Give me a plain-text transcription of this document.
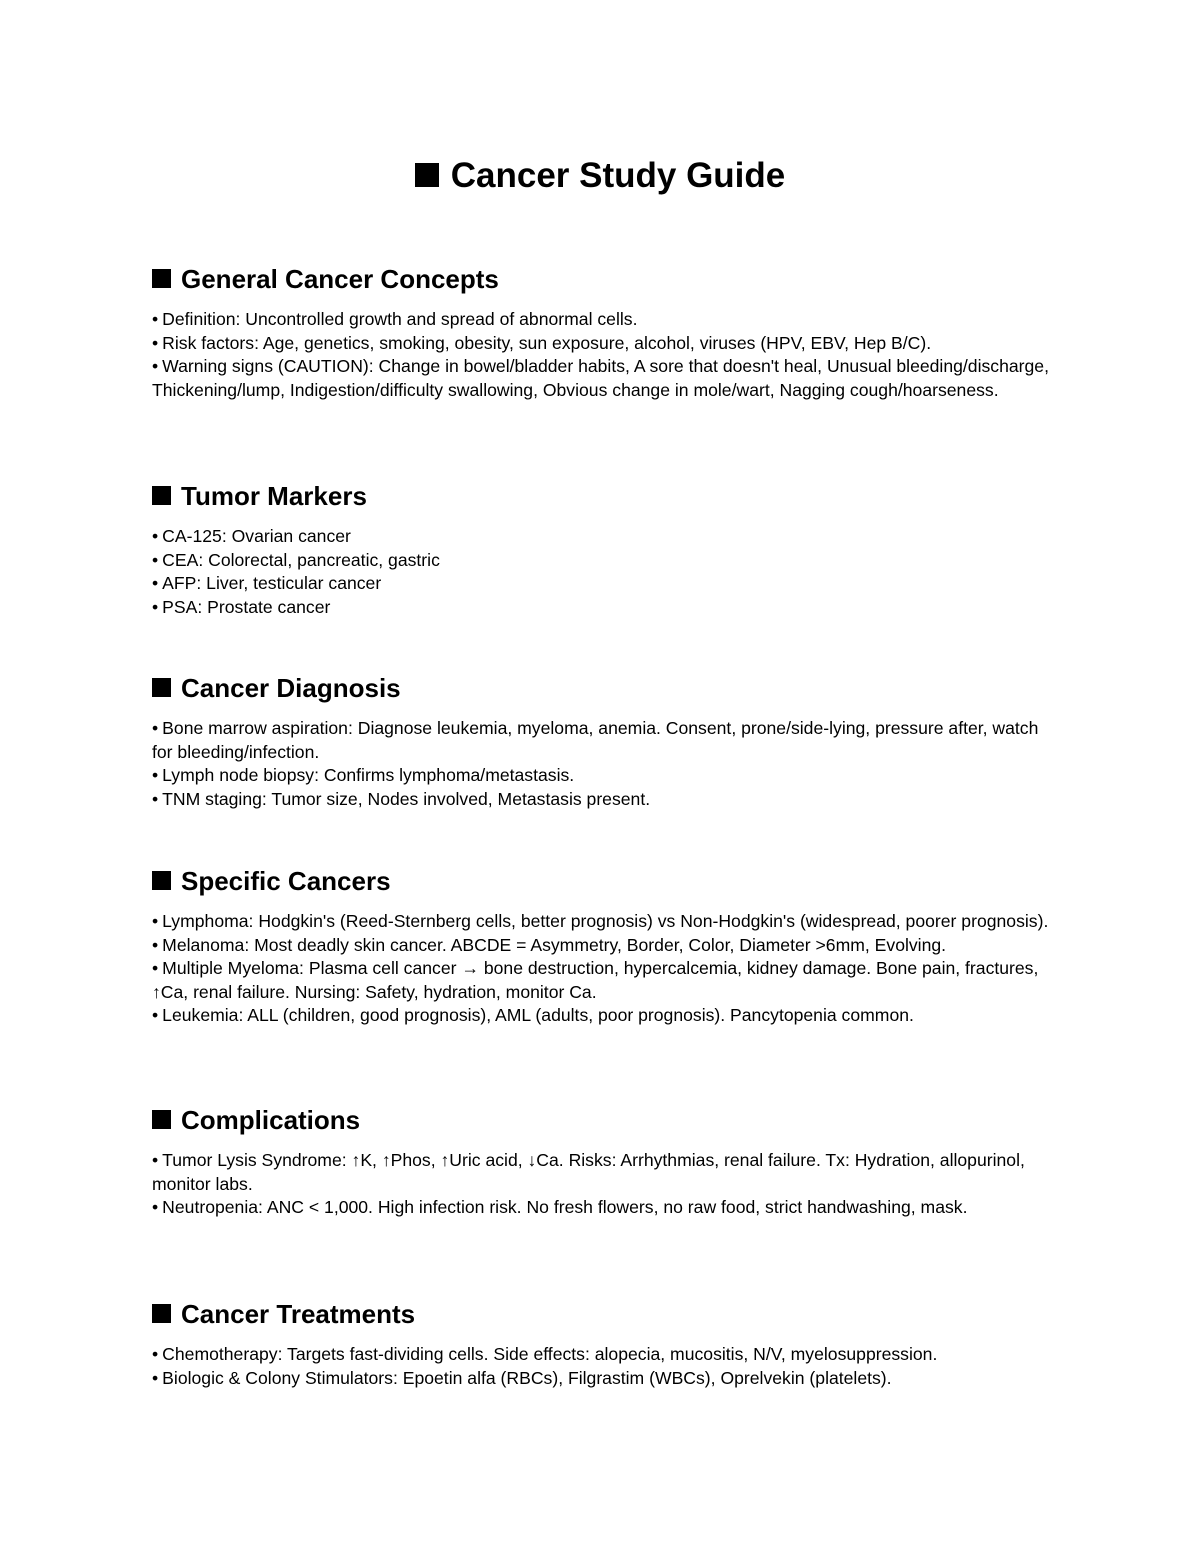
Cancer Study Guide
General Cancer Concepts
• Definition: Uncontrolled growth and spread of abnormal cells.
• Risk factors: Age, genetics, smoking, obesity, sun exposure, alcohol, viruses (HPV, EBV, Hep B/C).
• Warning signs (CAUTION): Change in bowel/bladder habits, A sore that doesn't heal, Unusual bleeding/discharge, Thickening/lump, Indigestion/difficulty swallowing, Obvious change in mole/wart, Nagging cough/hoarseness.
Tumor Markers
• CA-125: Ovarian cancer
• CEA: Colorectal, pancreatic, gastric
• AFP: Liver, testicular cancer
• PSA: Prostate cancer
Cancer Diagnosis
• Bone marrow aspiration: Diagnose leukemia, myeloma, anemia. Consent, prone/side-lying, pressure after, watch for bleeding/infection.
• Lymph node biopsy: Confirms lymphoma/metastasis.
• TNM staging: Tumor size, Nodes involved, Metastasis present.
Specific Cancers
• Lymphoma: Hodgkin's (Reed-Sternberg cells, better prognosis) vs Non-Hodgkin's (widespread, poorer prognosis).
• Melanoma: Most deadly skin cancer. ABCDE = Asymmetry, Border, Color, Diameter >6mm, Evolving.
• Multiple Myeloma: Plasma cell cancer → bone destruction, hypercalcemia, kidney damage. Bone pain, fractures, ↑Ca, renal failure. Nursing: Safety, hydration, monitor Ca.
• Leukemia: ALL (children, good prognosis), AML (adults, poor prognosis). Pancytopenia common.
Complications
• Tumor Lysis Syndrome: ↑K, ↑Phos, ↑Uric acid, ↓Ca. Risks: Arrhythmias, renal failure. Tx: Hydration, allopurinol, monitor labs.
• Neutropenia: ANC < 1,000. High infection risk. No fresh flowers, no raw food, strict handwashing, mask.
Cancer Treatments
• Chemotherapy: Targets fast-dividing cells. Side effects: alopecia, mucositis, N/V, myelosuppression.
• Biologic & Colony Stimulators: Epoetin alfa (RBCs), Filgrastim (WBCs), Oprelvekin (platelets).
